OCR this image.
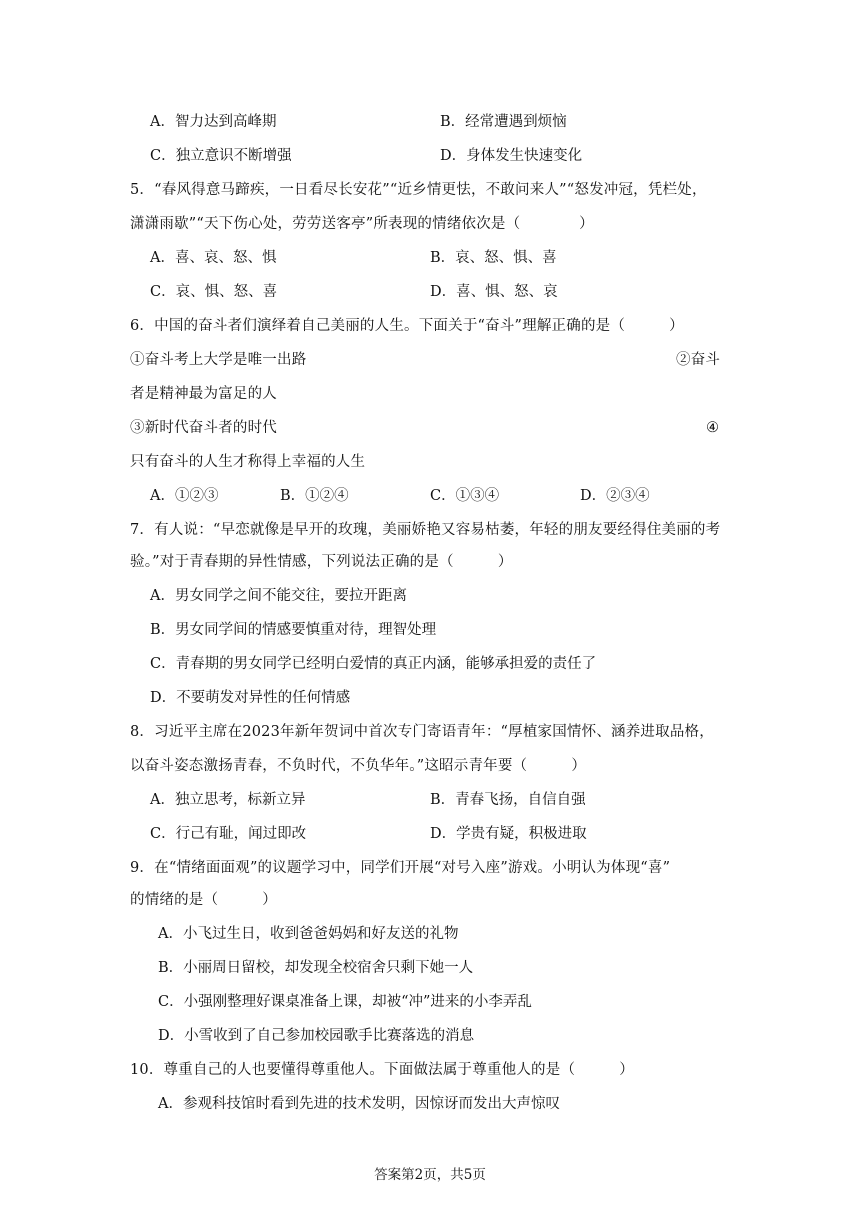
A．智力达到高峰期	B．经常遭遇到烦恼
C．独立意识不断增强	D．身体发生快速变化
5．“春风得意马蹄疾，一日看尽长安花”“近乡情更怯，不敢问来人”“怒发冲冠，凭栏处，
潇潇雨歇”“天下伤心处，劳劳送客亭”所表现的情绪依次是（　　　　）
A．喜、哀、怒、惧	B．哀、怒、惧、喜
C．哀、惧、怒、喜	D．喜、惧、怒、哀
6．中国的奋斗者们演绎着自己美丽的人生。下面关于“奋斗”理解正确的是（　　　）
①奋斗考上大学是唯一出路	②奋斗
者是精神最为富足的人
③新时代奋斗者的时代	④
只有奋斗的人生才称得上幸福的人生
A．①②③	B．①②④	C．①③④	D．②③④
7．有人说：“早恋就像是早开的玫瑰，美丽娇艳又容易枯萎，年轻的朋友要经得住美丽的考
验。”对于青春期的异性情感，下列说法正确的是（　　　）
A．男女同学之间不能交往，要拉开距离
B．男女同学间的情感要慎重对待，理智处理
C．青春期的男女同学已经明白爱情的真正内涵，能够承担爱的责任了
D．不要萌发对异性的任何情感
8．习近平主席在2023年新年贺词中首次专门寄语青年：“厚植家国情怀、涵养进取品格，
以奋斗姿态激扬青春，不负时代，不负华年。”这昭示青年要（　　　）
A．独立思考，标新立异	B．青春飞扬，自信自强
C．行己有耻，闻过即改	D．学贵有疑，积极进取
9．在“情绪面面观”的议题学习中，同学们开展“对号入座”游戏。小明认为体现“喜”
的情绪的是（　　　）
A．小飞过生日，收到爸爸妈妈和好友送的礼物
B．小丽周日留校，却发现全校宿舍只剩下她一人
C．小强刚整理好课桌准备上课，却被“冲”进来的小李弄乱
D．小雪收到了自己参加校园歌手比赛落选的消息
10．尊重自己的人也要懂得尊重他人。下面做法属于尊重他人的是（　　　）
A．参观科技馆时看到先进的技术发明，因惊讶而发出大声惊叹
答案第2页，共5页
